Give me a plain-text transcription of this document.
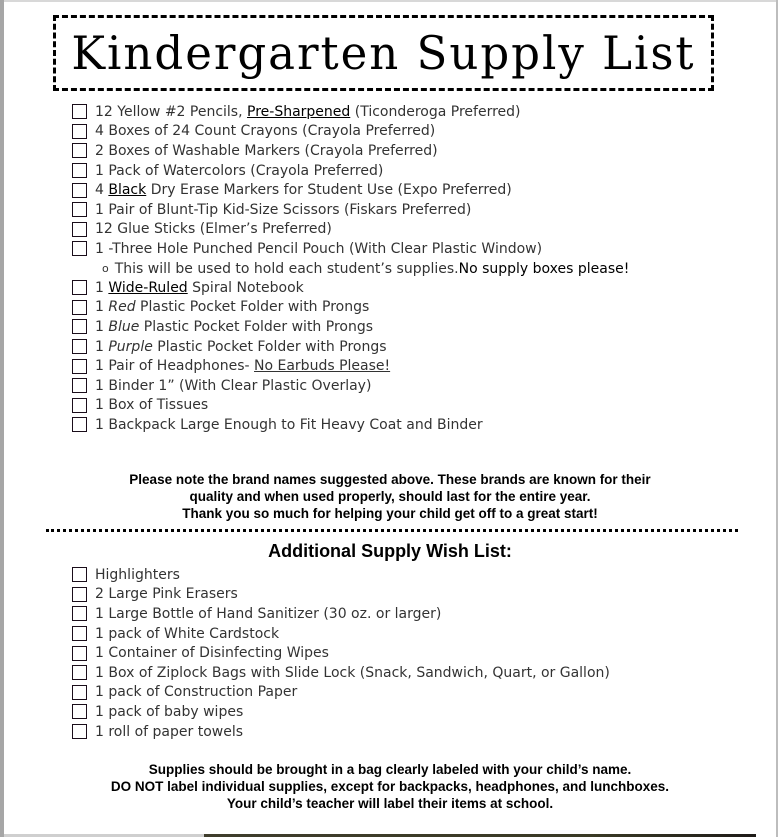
Kindergarten Supply List
12 Yellow #2 Pencils, Pre-Sharpened (Ticonderoga Preferred)
4 Boxes of 24 Count Crayons (Crayola Preferred)
2 Boxes of Washable Markers (Crayola Preferred)
1 Pack of Watercolors (Crayola Preferred)
4 Black Dry Erase Markers for Student Use (Expo Preferred)
1 Pair of Blunt-Tip Kid-Size Scissors (Fiskars Preferred)
12 Glue Sticks (Elmer’s Preferred)
1 -Three Hole Punched Pencil Pouch (With Clear Plastic Window)
o This will be used to hold each student’s supplies. No supply boxes please!
1 Wide-Ruled Spiral Notebook
1 Red Plastic Pocket Folder with Prongs
1 Blue Plastic Pocket Folder with Prongs
1 Purple Plastic Pocket Folder with Prongs
1 Pair of Headphones- No Earbuds Please!
1 Binder 1” (With Clear Plastic Overlay)
1 Box of Tissues
1 Backpack Large Enough to Fit Heavy Coat and Binder
Please note the brand names suggested above. These brands are known for their
quality and when used properly, should last for the entire year.
Thank you so much for helping your child get off to a great start!
Additional Supply Wish List:
Highlighters
2 Large Pink Erasers
1 Large Bottle of Hand Sanitizer (30 oz. or larger)
1 pack of White Cardstock
1 Container of Disinfecting Wipes
1 Box of Ziplock Bags with Slide Lock (Snack, Sandwich, Quart, or Gallon)
1 pack of Construction Paper
1 pack of baby wipes
1 roll of paper towels
Supplies should be brought in a bag clearly labeled with your child’s name.
DO NOT label individual supplies, except for backpacks, headphones, and lunchboxes.
Your child’s teacher will label their items at school.
